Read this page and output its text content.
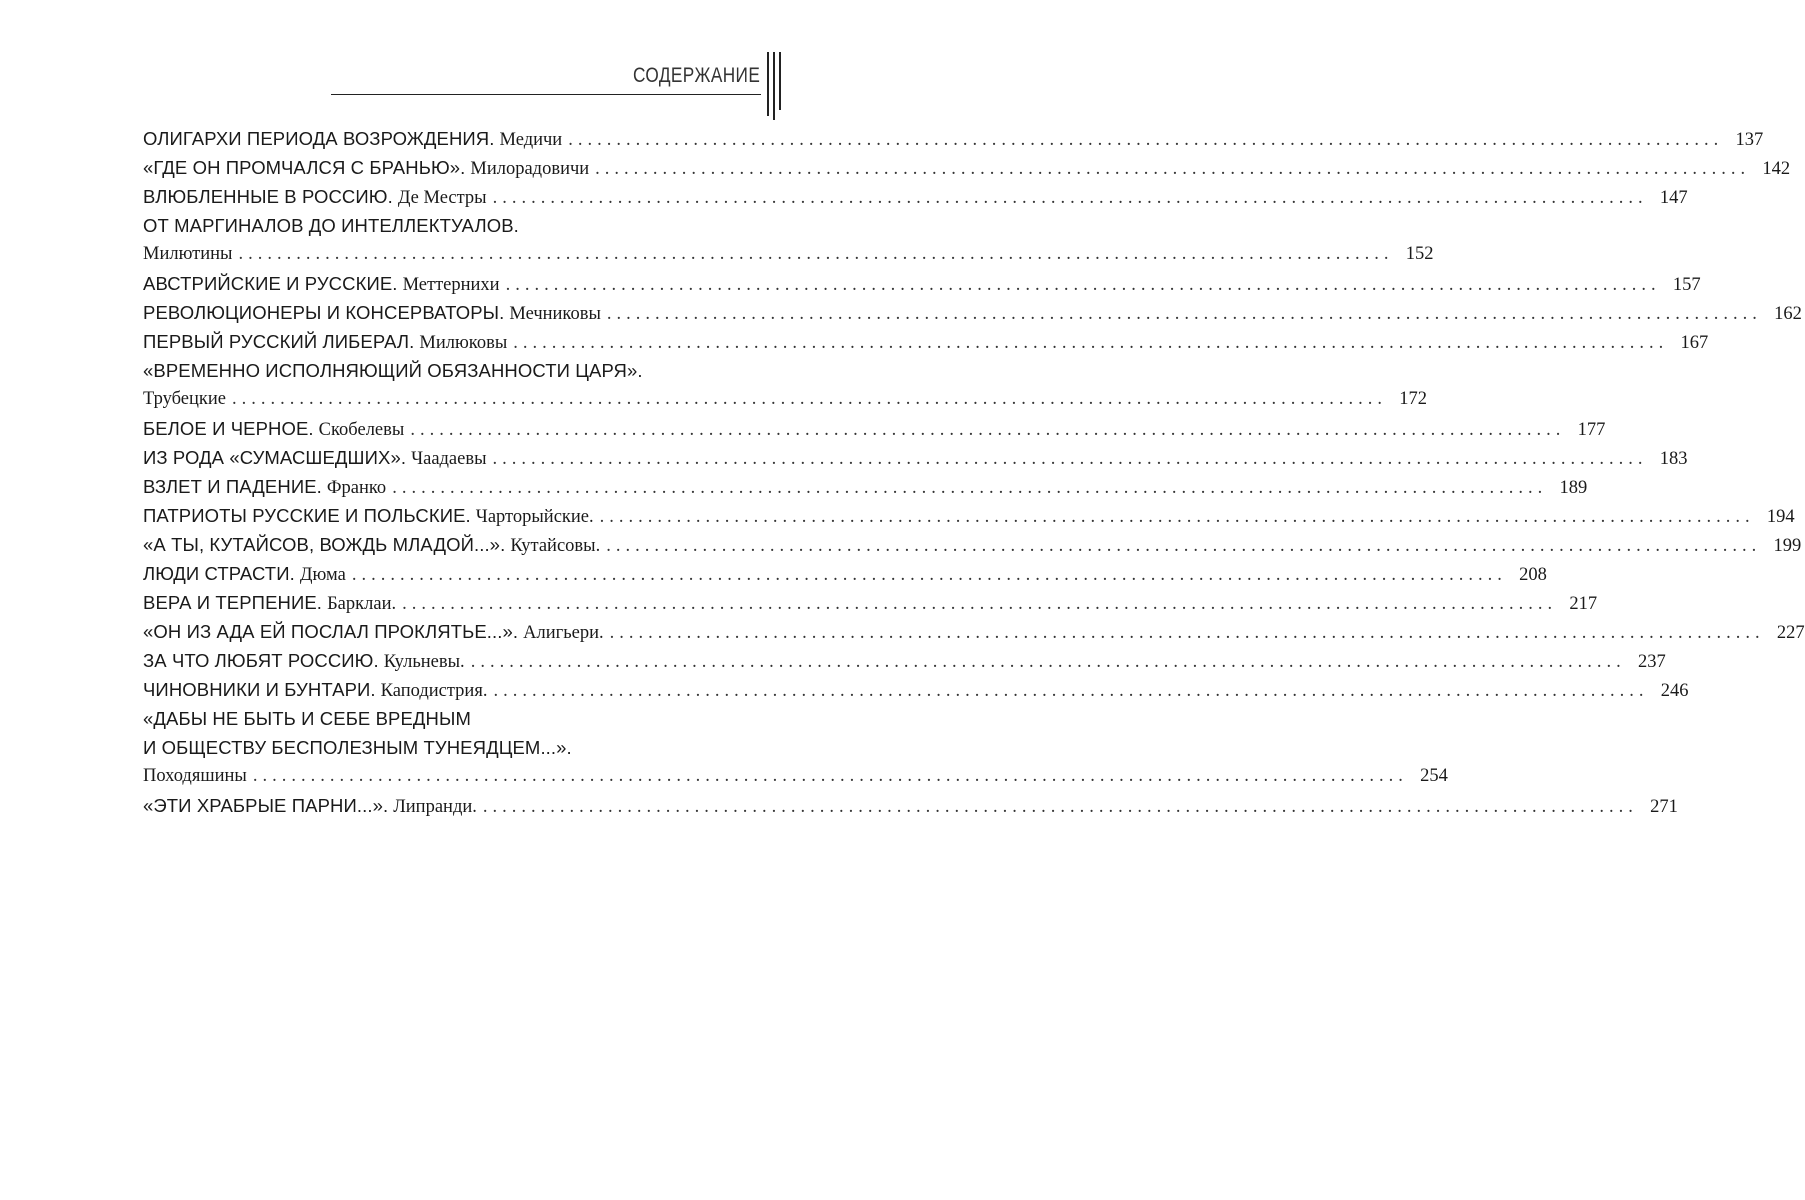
СОДЕРЖАНИЕ
ОЛИГАРХИ ПЕРИОДА ВОЗРОЖДЕНИЯ. Медичи ........................................................................................................................ 137
«ГДЕ ОН ПРОМЧАЛСЯ С БРАНЬЮ». Милорадовичи ........................................................................................................................ 142
ВЛЮБЛЕННЫЕ В РОССИЮ. Де Местры ........................................................................................................................ 147
ОТ МАРГИНАЛОВ ДО ИНТЕЛЛЕКТУАЛОВ.
Милютины ........................................................................................................................ 152
АВСТРИЙСКИЕ И РУССКИЕ. Меттернихи ........................................................................................................................ 157
РЕВОЛЮЦИОНЕРЫ И КОНСЕРВАТОРЫ. Мечниковы ........................................................................................................................ 162
ПЕРВЫЙ РУССКИЙ ЛИБЕРАЛ. Милюковы ........................................................................................................................ 167
«ВРЕМЕННО ИСПОЛНЯЮЩИЙ ОБЯЗАННОСТИ ЦАРЯ».
Трубецкие ........................................................................................................................ 172
БЕЛОЕ И ЧЕРНОЕ. Скобелевы ........................................................................................................................ 177
ИЗ РОДА «СУМАСШЕДШИХ». Чаадаевы ........................................................................................................................ 183
ВЗЛЕТ И ПАДЕНИЕ. Франко ........................................................................................................................ 189
ПАТРИОТЫ РУССКИЕ И ПОЛЬСКИЕ. Чарторыйские. ........................................................................................................................ 194
«А ТЫ, КУТАЙСОВ, ВОЖДЬ МЛАДОЙ...». Кутайсовы. ........................................................................................................................ 199
ЛЮДИ СТРАСТИ. Дюма ........................................................................................................................ 208
ВЕРА И ТЕРПЕНИЕ. Барклаи. ........................................................................................................................ 217
«ОН ИЗ АДА ЕЙ ПОСЛАЛ ПРОКЛЯТЬЕ...». Алигьери. ........................................................................................................................ 227
ЗА ЧТО ЛЮБЯТ РОССИЮ. Кульневы. ........................................................................................................................ 237
ЧИНОВНИКИ И БУНТАРИ. Каподистрия. ........................................................................................................................ 246
«ДАБЫ НЕ БЫТЬ И СЕБЕ ВРЕДНЫМ
И ОБЩЕСТВУ БЕСПОЛЕЗНЫМ ТУНЕЯДЦЕМ...».
Походяшины ........................................................................................................................ 254
«ЭТИ ХРАБРЫЕ ПАРНИ...». Липранди. ........................................................................................................................ 271
